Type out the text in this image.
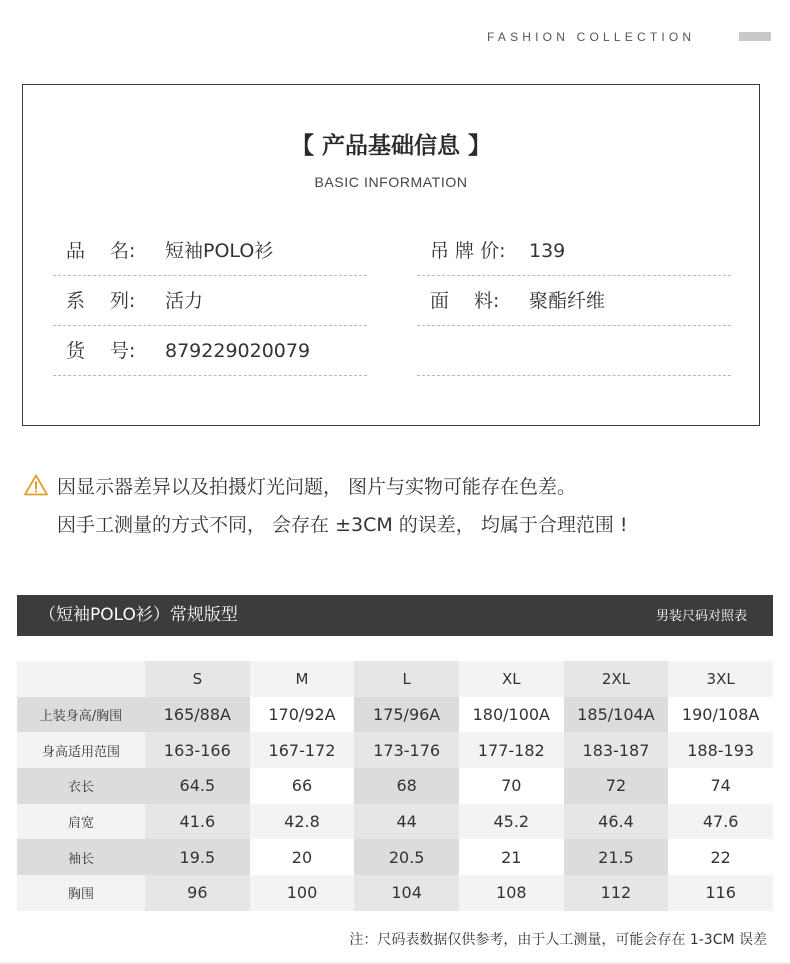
FASHION COLLECTION
【 产品基础信息 】
BASIC INFORMATION
品　 名: 短袖POLO衫
系　 列: 活力
货　 号: 879229020079
吊 牌 价: 139
面　 料: 聚酯纤维
因显示器差异以及拍摄灯光问题， 图片与实物可能存在色差。
因手工测量的方式不同， 会存在 ±3CM 的误差， 均属于合理范围 !
（短袖POLO衫）常规版型	男装尺码对照表
	S	M	L	XL	2XL	3XL
上装身高/胸围	165/88A	170/92A	175/96A	180/100A	185/104A	190/108A
身高适用范围	163-166	167-172	173-176	177-182	183-187	188-193
衣长	64.5	66	68	70	72	74
肩宽	41.6	42.8	44	45.2	46.4	47.6
袖长	19.5	20	20.5	21	21.5	22
胸围	96	100	104	108	112	116
注：尺码表数据仅供参考，由于人工测量，可能会存在 1-3CM 误差
